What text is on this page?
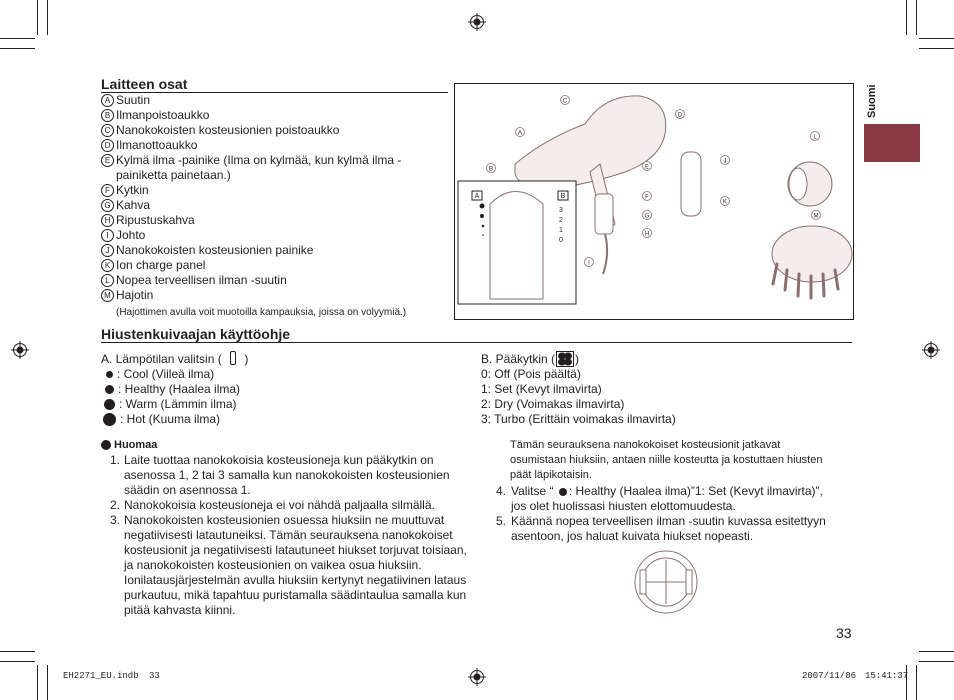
Suomi
Laitteen osat
A Suutin
B Ilmanpoistoaukko
C Nanokokoisten kosteusionien poistoaukko
D Ilmanottoaukko
E Kylmä ilma -painike (Ilma on kylmää, kun kylmä ilma -
painiketta painetaan.)
F Kytkin
G Kahva
H Ripustuskahva
I Johto
J Nanokokoisten kosteusionien painike
K Ion charge panel
L Nopea terveellisen ilman -suutin
M Hajotin
(Hajottimen avulla voit muotoilla kampauksia, joissa on volyymiä.)
A
B
C
D
E
F
G
H
I
J
K
L
M
A	B
3
2
1
0
Hiustenkuivaajan käyttöohje
A. Lämpötilan valitsin ( )
: Cool (Viileä ilma)
: Healthy (Haalea ilma)
: Warm (Lämmin ilma)
: Hot (Kuuma ilma)
Huomaa
1. Laite tuottaa nanokokoisia kosteusioneja kun pääkytkin on
asenossa 1, 2 tai 3 samalla kun nanokokoisten kosteusionien
säädin on asennossa 1.
2. Nanokokoisia kosteusioneja ei voi nähdä paljaalla silmällä.
3. Nanokokoisten kosteusionien osuessa hiuksiin ne muuttuvat
negatiivisesti latautuneiksi. Tämän seurauksena nanokokoiset
kosteusionit ja negatiivisesti latautuneet hiukset torjuvat toisiaan,
ja nanokokoisten kosteusionien on vaikea osua hiuksiin.
Ionilatausjärjestelmän avulla hiuksiin kertynyt negatiivinen lataus
purkautuu, mikä tapahtuu puristamalla säädintaulua samalla kun
pitää kahvasta kiinni.
B. Pääkytkin ( )
0: Off (Pois päältä)
1: Set (Kevyt ilmavirta)
2: Dry (Voimakas ilmavirta)
3: Turbo (Erittäin voimakas ilmavirta)
Tämän seurauksena nanokokoiset kosteusionit jatkavat
osumistaan hiuksiin, antaen niille kosteutta ja kostuttaen hiusten
päät läpikotaisin.
4. Valitse “ : Healthy (Haalea ilma)”1: Set (Kevyt ilmavirta)”,
jos olet huolissasi hiusten elottomuudesta.
5. Käännä nopea terveellisen ilman -suutin kuvassa esitettyyn
asentoon, jos haluat kuivata hiukset nopeasti.
33
EH2271_EU.indb 33	2007/11/06 15:41:37
